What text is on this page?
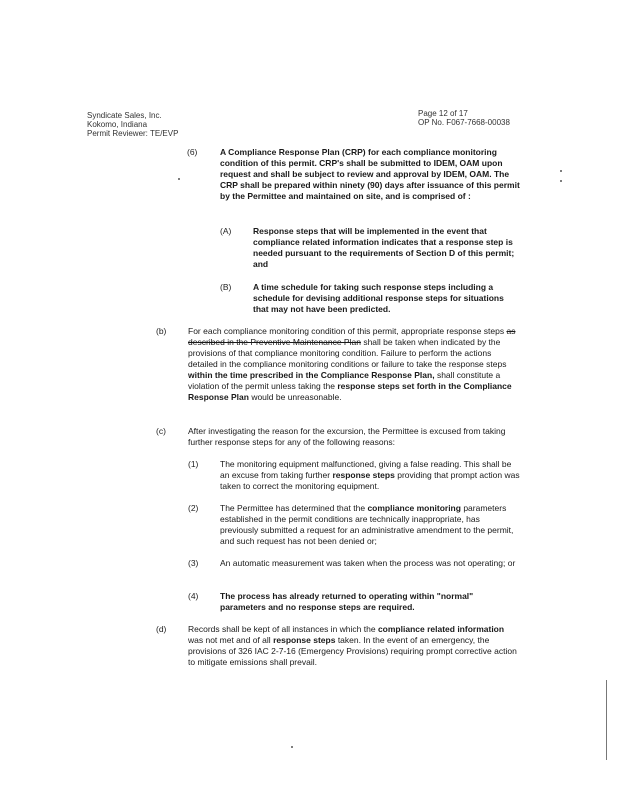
Syndicate Sales, Inc.
Kokomo, Indiana
Permit Reviewer: TE/EVP
Page 12 of 17
OP No. F067-7668-00038
(6)	A Compliance Response Plan (CRP) for each compliance monitoring condition of this permit. CRP's shall be submitted to IDEM, OAM upon request and shall be subject to review and approval by IDEM, OAM. The CRP shall be prepared within ninety (90) days after issuance of this permit by the Permittee and maintained on site, and is comprised of :
(A)	Response steps that will be implemented in the event that compliance related information indicates that a response step is needed pursuant to the requirements of Section D of this permit; and
(B)	A time schedule for taking such response steps including a schedule for devising additional response steps for situations that may not have been predicted.
(b)	For each compliance monitoring condition of this permit, appropriate response steps as described in the Preventive Maintenance Plan shall be taken when indicated by the provisions of that compliance monitoring condition. Failure to perform the actions detailed in the compliance monitoring conditions or failure to take the response steps within the time prescribed in the Compliance Response Plan, shall constitute a violation of the permit unless taking the response steps set forth in the Compliance Response Plan would be unreasonable.
(c)	After investigating the reason for the excursion, the Permittee is excused from taking further response steps for any of the following reasons:
(1)	The monitoring equipment malfunctioned, giving a false reading. This shall be an excuse from taking further response steps providing that prompt action was taken to correct the monitoring equipment.
(2)	The Permittee has determined that the compliance monitoring parameters established in the permit conditions are technically inappropriate, has previously submitted a request for an administrative amendment to the permit, and such request has not been denied or;
(3)	An automatic measurement was taken when the process was not operating; or
(4)	The process has already returned to operating within "normal" parameters and no response steps are required.
(d)	Records shall be kept of all instances in which the compliance related information was not met and of all response steps taken. In the event of an emergency, the provisions of 326 IAC 2-7-16 (Emergency Provisions) requiring prompt corrective action to mitigate emissions shall prevail.
